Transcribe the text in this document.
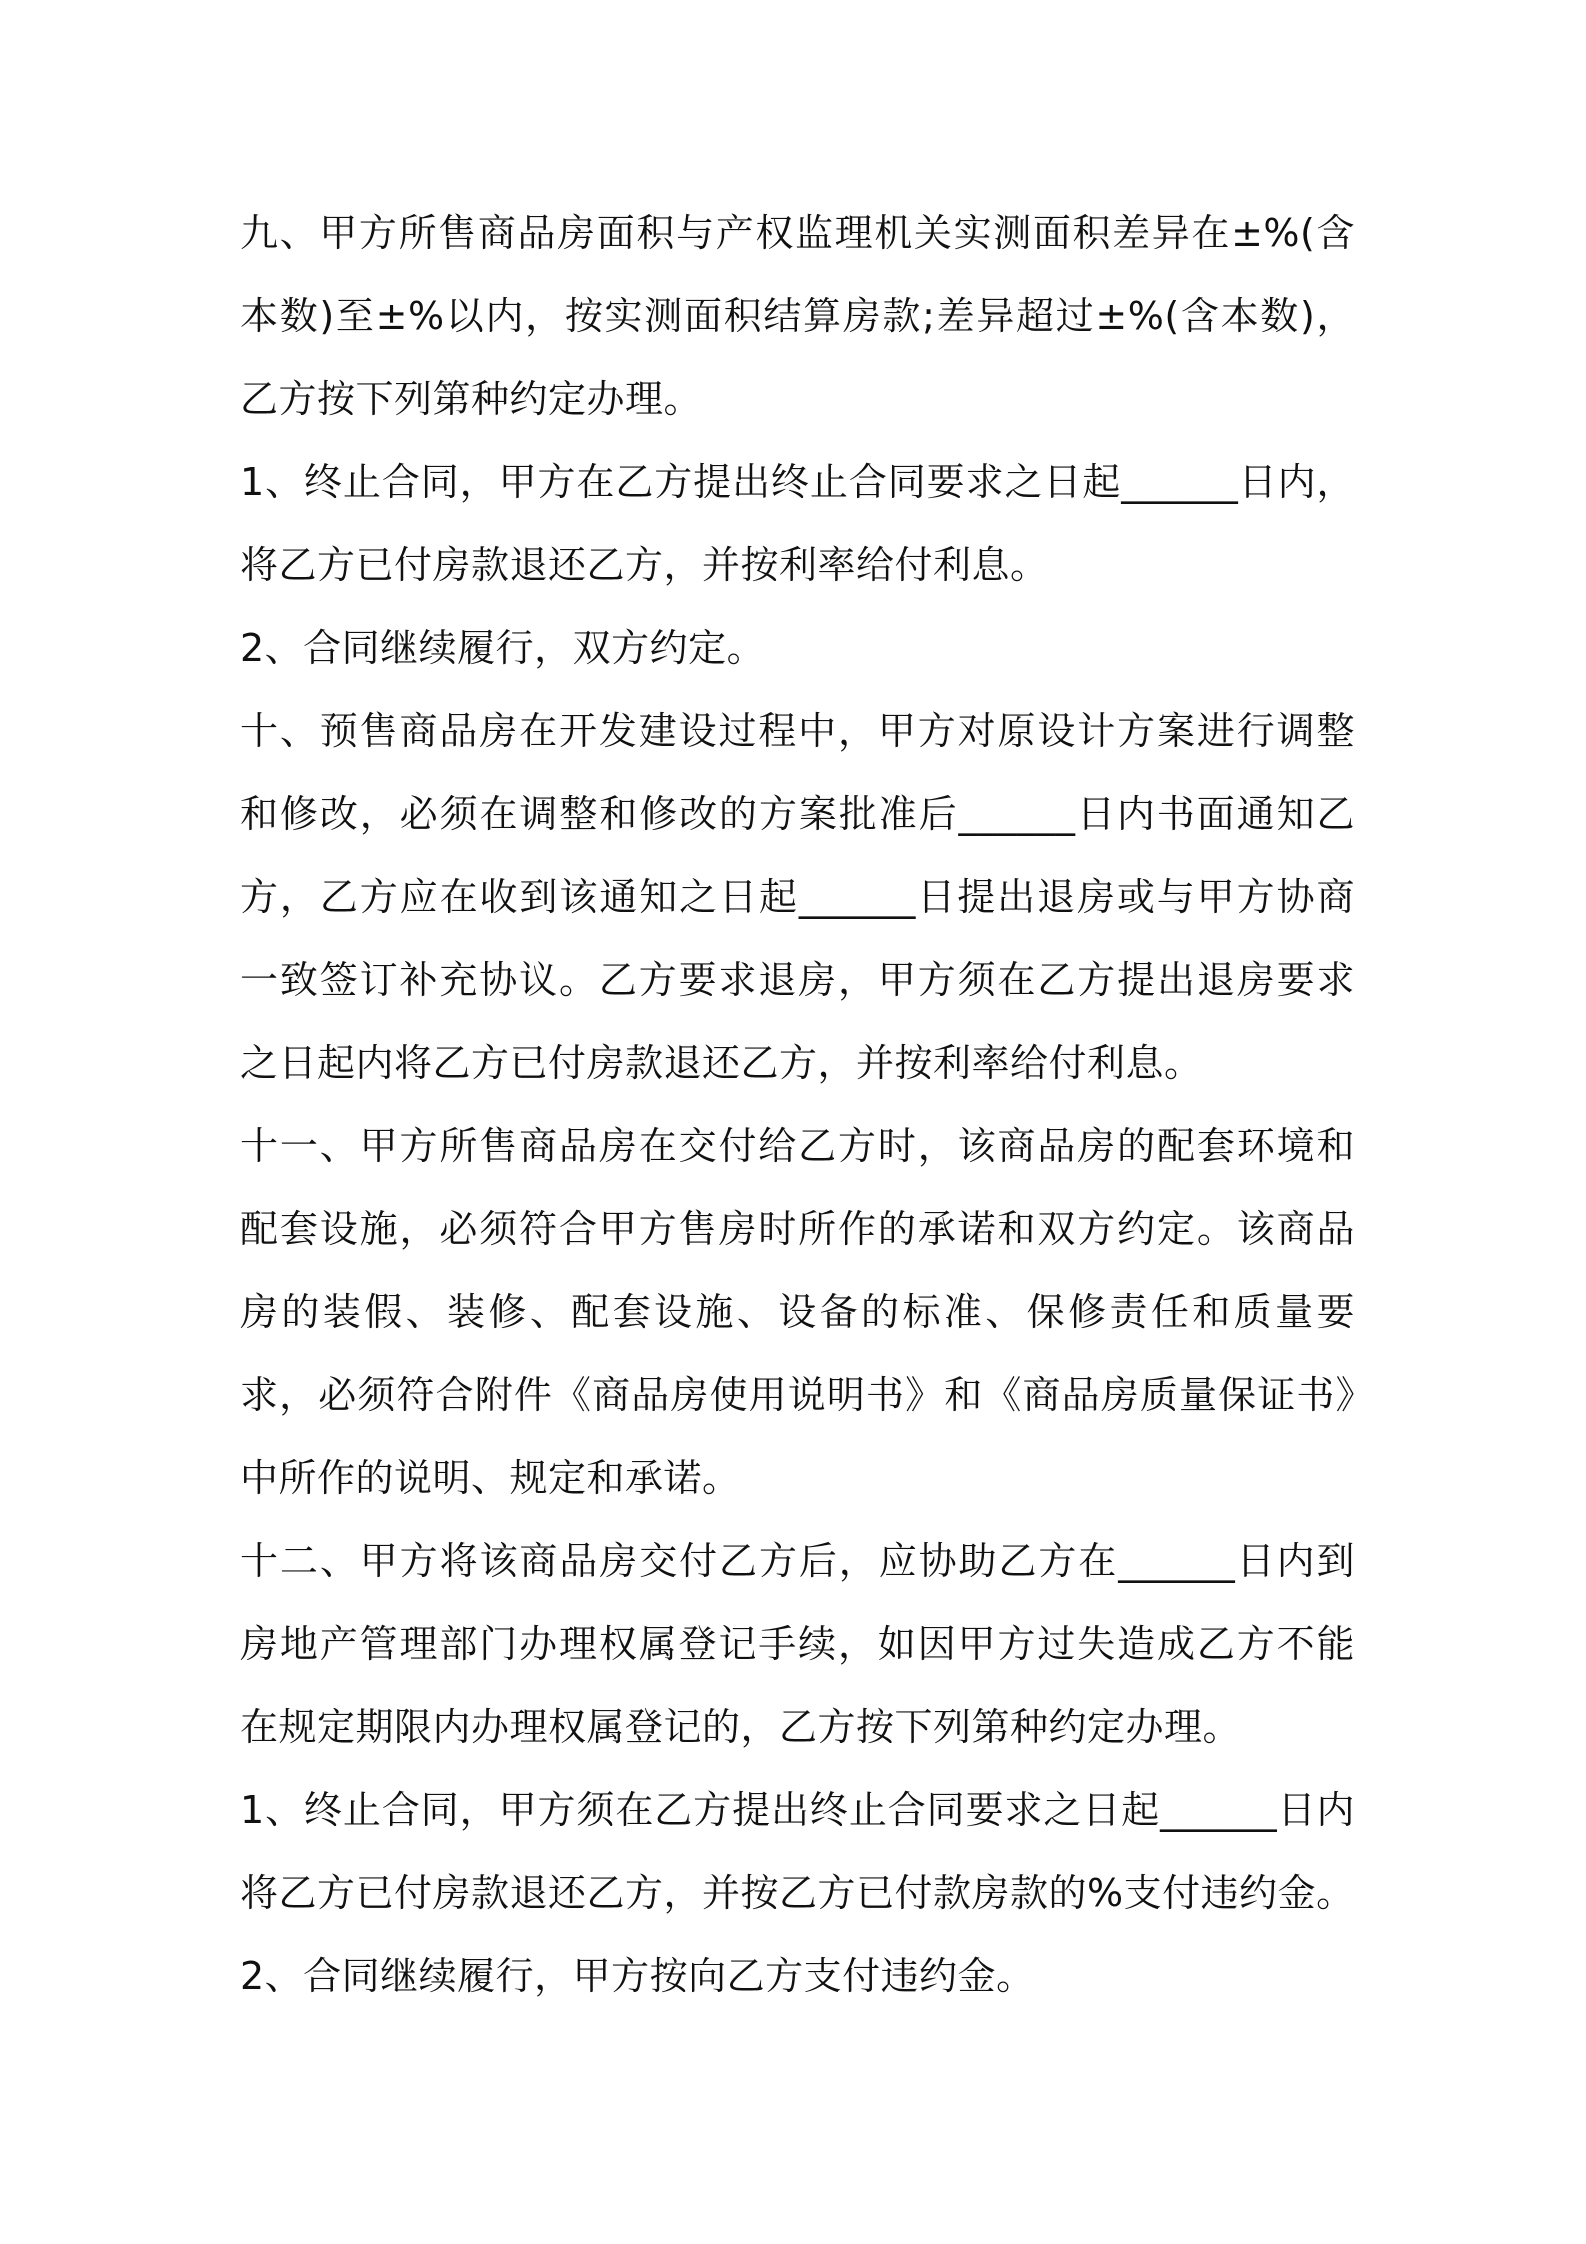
九、甲方所售商品房面积与产权监理机关实测面积差异在±%(含本数)至±%以内，按实测面积结算房款;差异超过±%(含本数)，乙方按下列第种约定办理。

1、终止合同，甲方在乙方提出终止合同要求之日起______日内，将乙方已付房款退还乙方，并按利率给付利息。

2、合同继续履行，双方约定。

十、预售商品房在开发建设过程中，甲方对原设计方案进行调整和修改，必须在调整和修改的方案批准后______日内书面通知乙方，乙方应在收到该通知之日起______日提出退房或与甲方协商一致签订补充协议。乙方要求退房，甲方须在乙方提出退房要求之日起内将乙方已付房款退还乙方，并按利率给付利息。

十一、甲方所售商品房在交付给乙方时，该商品房的配套环境和配套设施，必须符合甲方售房时所作的承诺和双方约定。该商品房的装假、装修、配套设施、设备的标准、保修责任和质量要求，必须符合附件《商品房使用说明书》和《商品房质量保证书》中所作的说明、规定和承诺。

十二、甲方将该商品房交付乙方后，应协助乙方在______日内到房地产管理部门办理权属登记手续，如因甲方过失造成乙方不能在规定期限内办理权属登记的，乙方按下列第种约定办理。

1、终止合同，甲方须在乙方提出终止合同要求之日起______日内将乙方已付房款退还乙方，并按乙方已付款房款的%支付违约金。

2、合同继续履行，甲方按向乙方支付违约金。
